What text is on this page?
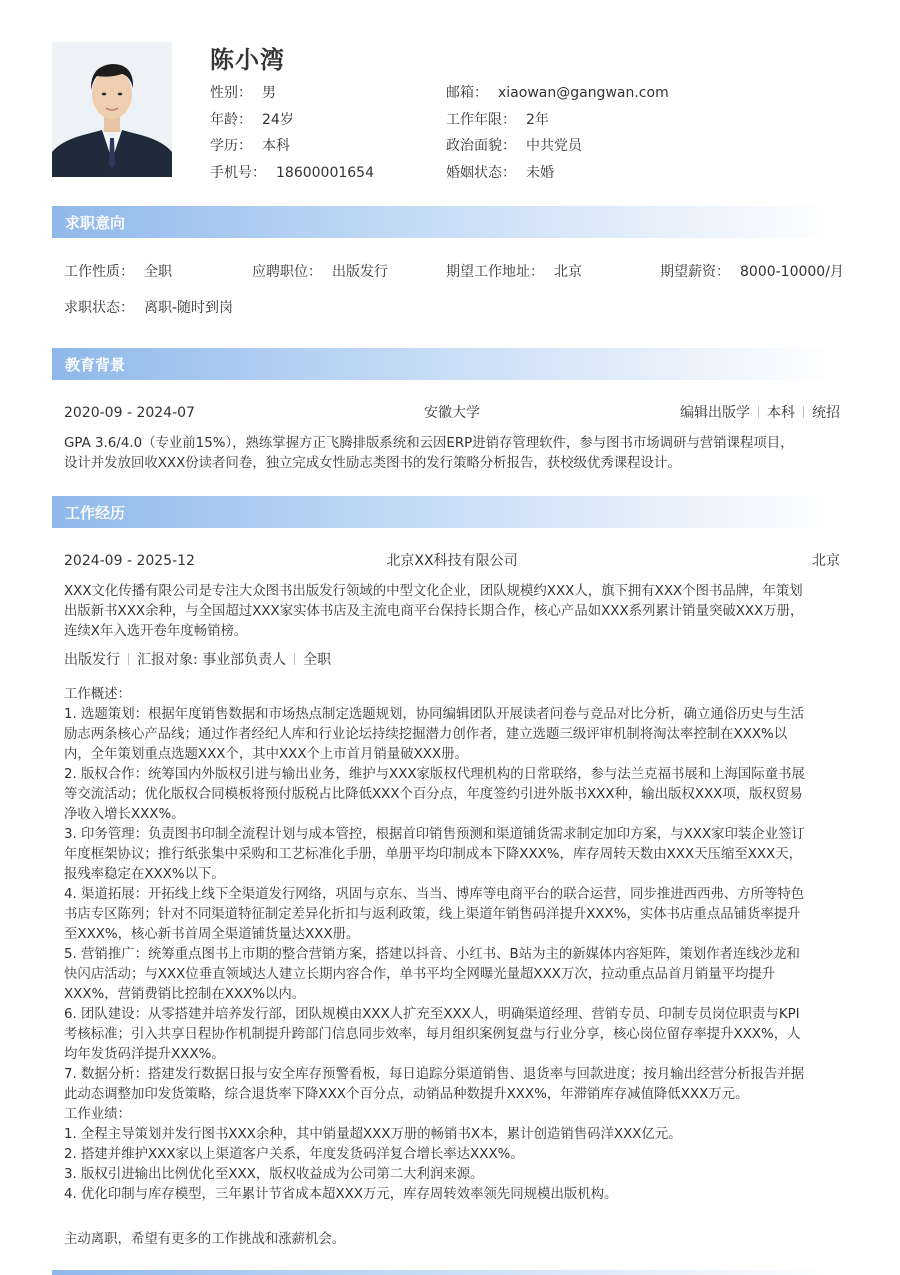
陈小湾
性别： 男
年龄： 24岁
学历： 本科
手机号： 18600001654
邮箱： xiaowan@gangwan.com
工作年限： 2年
政治面貌： 中共党员
婚姻状态： 未婚
求职意向
工作性质： 全职	应聘职位： 出版发行	期望工作地址： 北京	期望薪资： 8000-10000/月
求职状态： 离职-随时到岗
教育背景
2020-09 - 2024-07	安徽大学	编辑出版学 本科 统招

GPA 3.6/4.0（专业前15%），熟练掌握方正飞腾排版系统和云因ERP进销存管理软件，参与图书市场调研与营销课程项目，

设计并发放回收XXX份读者问卷，独立完成女性励志类图书的发行策略分析报告，获校级优秀课程设计。

工作经历
2024-09 - 2025-12	北京XX科技有限公司	北京

XXX文化传播有限公司是专注大众图书出版发行领域的中型文化企业，团队规模约XXX人，旗下拥有XXX个图书品牌，年策划

出版新书XXX余种，与全国超过XXX家实体书店及主流电商平台保持长期合作，核心产品如XXX系列累计销量突破XXX万册，

连续X年入选开卷年度畅销榜。

出版发行 汇报对象: 事业部负责人 全职

工作概述：

1. 选题策划：根据年度销售数据和市场热点制定选题规划，协同编辑团队开展读者问卷与竞品对比分析，确立通俗历史与生活

励志两条核心产品线；通过作者经纪人库和行业论坛持续挖掘潜力创作者，建立选题三级评审机制将淘汰率控制在XXX%以

内，全年策划重点选题XXX个，其中XXX个上市首月销量破XXX册。

2. 版权合作：统筹国内外版权引进与输出业务，维护与XXX家版权代理机构的日常联络，参与法兰克福书展和上海国际童书展

等交流活动；优化版权合同模板将预付版税占比降低XXX个百分点，年度签约引进外版书XXX种，输出版权XXX项，版权贸易

净收入增长XXX%。

3. 印务管理：负责图书印制全流程计划与成本管控，根据首印销售预测和渠道铺货需求制定加印方案，与XXX家印装企业签订

年度框架协议；推行纸张集中采购和工艺标准化手册，单册平均印制成本下降XXX%，库存周转天数由XXX天压缩至XXX天，

报残率稳定在XXX%以下。

4. 渠道拓展：开拓线上线下全渠道发行网络，巩固与京东、当当、博库等电商平台的联合运营，同步推进西西弗、方所等特色

书店专区陈列；针对不同渠道特征制定差异化折扣与返利政策，线上渠道年销售码洋提升XXX%，实体书店重点品铺货率提升

至XXX%，核心新书首周全渠道铺货量达XXX册。

5. 营销推广：统筹重点图书上市期的整合营销方案，搭建以抖音、小红书、B站为主的新媒体内容矩阵，策划作者连线沙龙和

快闪店活动；与XXX位垂直领域达人建立长期内容合作，单书平均全网曝光量超XXX万次，拉动重点品首月销量平均提升

XXX%，营销费销比控制在XXX%以内。

6. 团队建设：从零搭建并培养发行部，团队规模由XXX人扩充至XXX人，明确渠道经理、营销专员、印制专员岗位职责与KPI

考核标准；引入共享日程协作机制提升跨部门信息同步效率，每月组织案例复盘与行业分享，核心岗位留存率提升XXX%，人

均年发货码洋提升XXX%。

7. 数据分析：搭建发行数据日报与安全库存预警看板，每日追踪分渠道销售、退货率与回款进度；按月输出经营分析报告并据

此动态调整加印发货策略，综合退货率下降XXX个百分点，动销品种数提升XXX%，年滞销库存减值降低XXX万元。

工作业绩：

1. 全程主导策划并发行图书XXX余种，其中销量超XXX万册的畅销书X本，累计创造销售码洋XXX亿元。

2. 搭建并维护XXX家以上渠道客户关系，年度发货码洋复合增长率达XXX%。

3. 版权引进输出比例优化至XXX，版权收益成为公司第二大利润来源。

4. 优化印制与库存模型，三年累计节省成本超XXX万元，库存周转效率领先同规模出版机构。

主动离职，希望有更多的工作挑战和涨薪机会。
